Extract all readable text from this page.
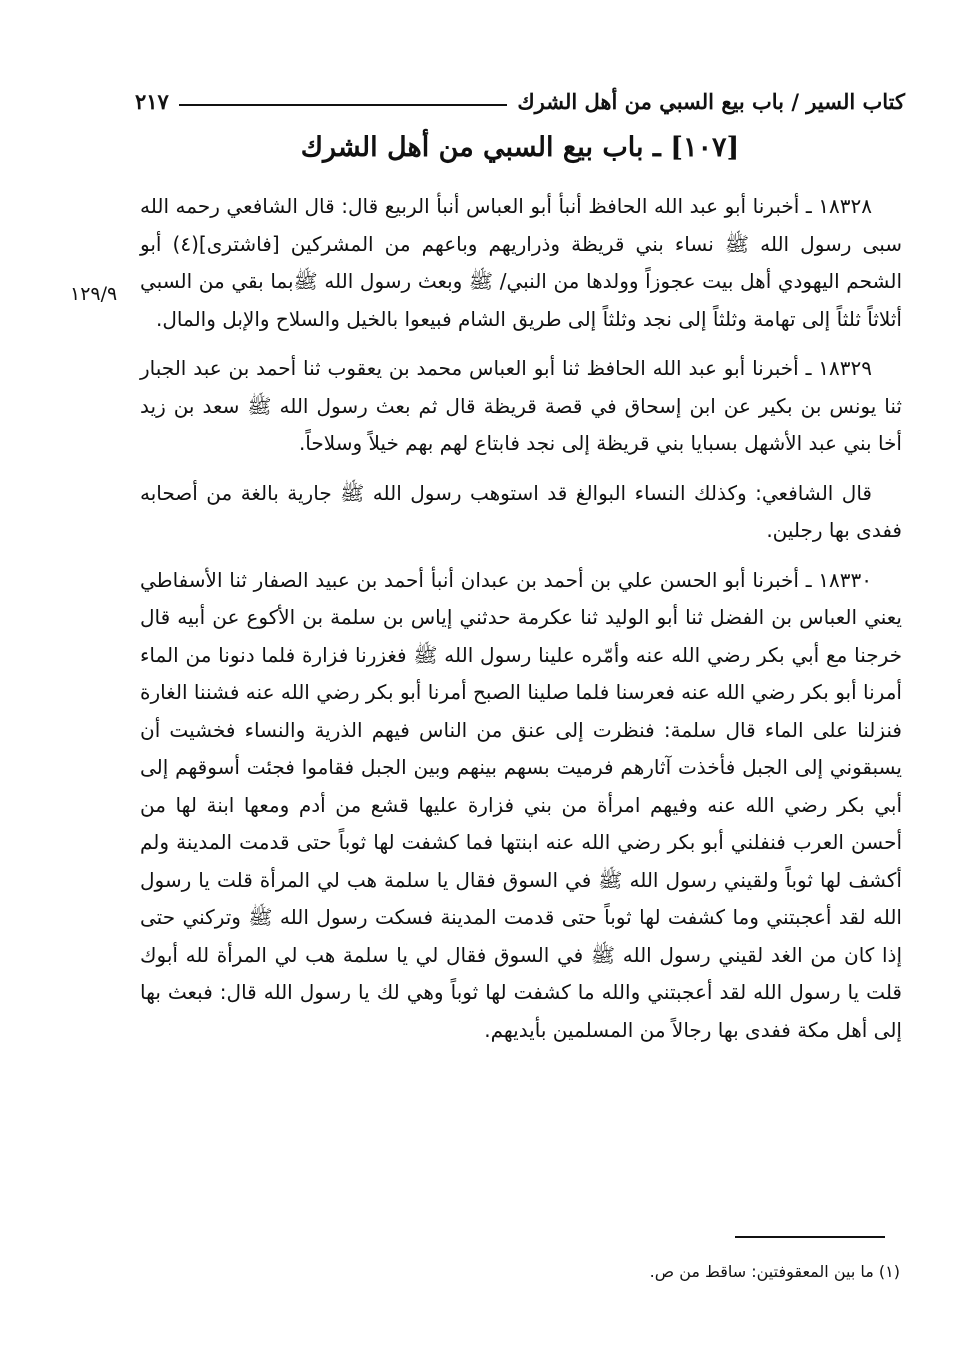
كتاب السير / باب بيع السبي من أهل الشرك
٢١٧
[١٠٧] ـ باب بيع السبي من أهل الشرك
١٢٩/٩

١٨٣٢٨ ـ أخبرنا أبو عبد الله الحافظ أنبأ أبو العباس أنبأ الربيع قال: قال الشافعي رحمه الله سبى رسول الله ﷺ نساء بني قريظة وذراريهم وباعهم من المشركين [فاشترى](٤) أبو الشحم اليهودي أهل بيت عجوزاً وولدها من النبي/ ﷺ وبعث رسول الله ﷺبما بقي من السبي أثلاثاً ثلثاً إلى تهامة وثلثاً إلى نجد وثلثاً إلى طريق الشام فبيعوا بالخيل والسلاح والإبل والمال.

١٨٣٢٩ ـ أخبرنا أبو عبد الله الحافظ ثنا أبو العباس محمد بن يعقوب ثنا أحمد بن عبد الجبار ثنا يونس بن بكير عن ابن إسحاق في قصة قريظة قال ثم بعث رسول الله ﷺ سعد بن زيد أخا بني عبد الأشهل بسبايا بني قريظة إلى نجد فابتاع لهم بهم خيلاً وسلاحاً.

قال الشافعي: وكذلك النساء البوالغ قد استوهب رسول الله ﷺ جارية بالغة من أصحابه ففدى بها رجلين.

١٨٣٣٠ ـ أخبرنا أبو الحسن علي بن أحمد بن عبدان أنبأ أحمد بن عبيد الصفار ثنا الأسفاطي يعني العباس بن الفضل ثنا أبو الوليد ثنا عكرمة حدثني إياس بن سلمة بن الأكوع عن أبيه قال خرجنا مع أبي بكر رضي الله عنه وأمّره علينا رسول الله ﷺ فغزرنا فزارة فلما دنونا من الماء أمرنا أبو بكر رضي الله عنه فعرسنا فلما صلينا الصبح أمرنا أبو بكر رضي الله عنه فشننا الغارة فنزلنا على الماء قال سلمة: فنظرت إلى عنق من الناس فيهم الذرية والنساء فخشيت أن يسبقوني إلى الجبل فأخذت آثارهم فرميت بسهم بينهم وبين الجبل فقاموا فجئت أسوقهم إلى أبي بكر رضي الله عنه وفيهم امرأة من بني فزارة عليها قشع من أدم ومعها ابنة لها من أحسن العرب فنفلني أبو بكر رضي الله عنه ابنتها فما كشفت لها ثوباً حتى قدمت المدينة ولم أكشف لها ثوباً ولقيني رسول الله ﷺ في السوق فقال يا سلمة هب لي المرأة قلت يا رسول الله لقد أعجبتني وما كشفت لها ثوباً حتى قدمت المدينة فسكت رسول الله ﷺ وتركني حتى إذا كان من الغد لقيني رسول الله ﷺ في السوق فقال لي يا سلمة هب لي المرأة لله أبوك قلت يا رسول الله لقد أعجبتني والله ما كشفت لها ثوباً وهي لك يا رسول الله قال: فبعث بها إلى أهل مكة ففدى بها رجالاً من المسلمين بأيديهم.

(١) ما بين المعقوفتين: ساقط من ص.
